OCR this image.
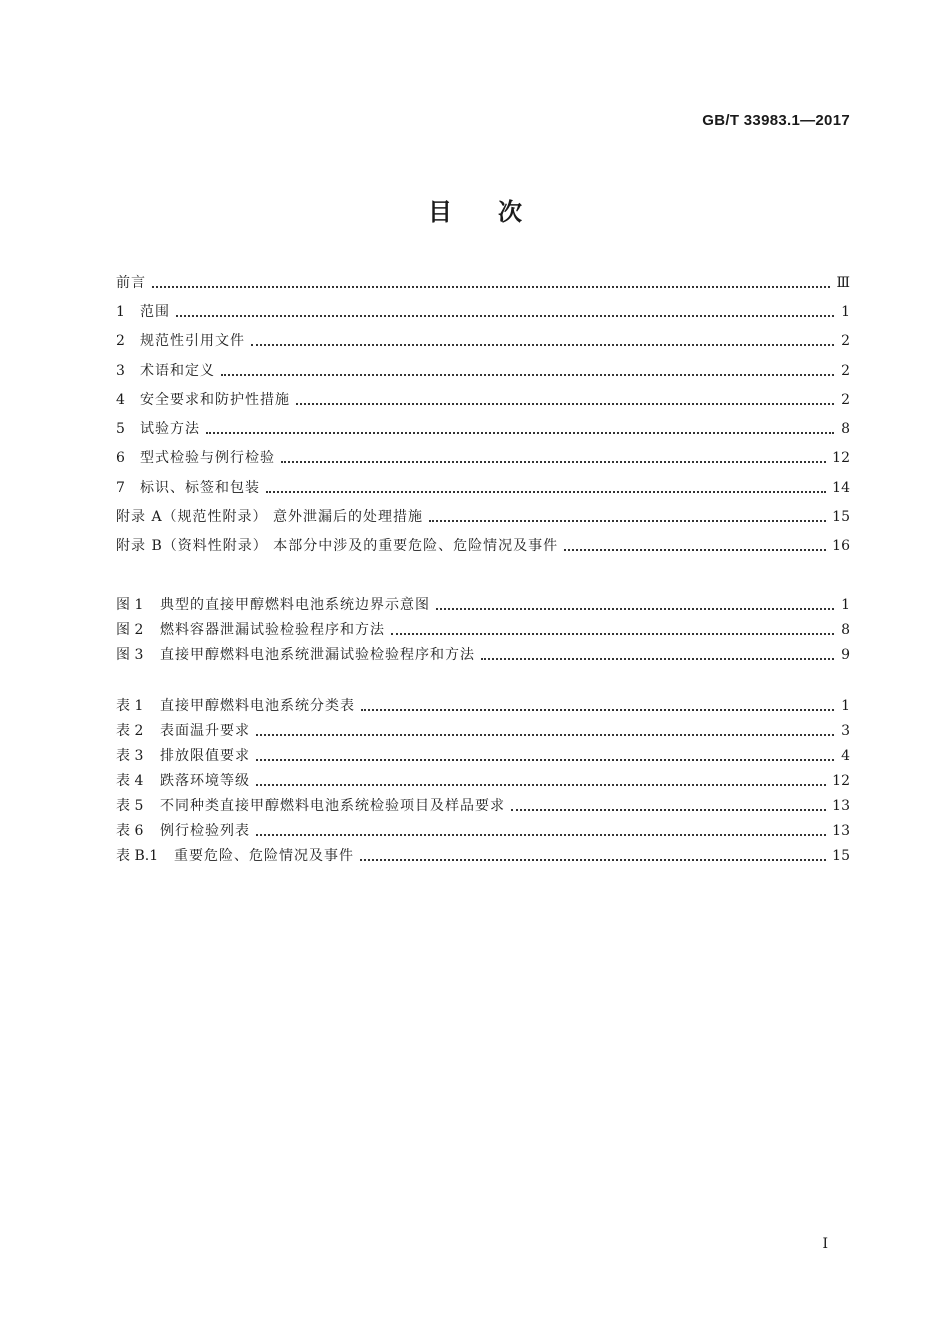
GB/T 33983.1—2017
目次
前言	Ⅲ
1	范围	1
2	规范性引用文件	2
3	术语和定义	2
4	安全要求和防护性措施	2
5	试验方法	8
6	型式检验与例行检验	12
7	标识、标签和包装	14
附录 A（规范性附录） 意外泄漏后的处理措施	15
附录 B（资料性附录） 本部分中涉及的重要危险、危险情况及事件	16
图 1	典型的直接甲醇燃料电池系统边界示意图	1
图 2	燃料容器泄漏试验检验程序和方法	8
图 3	直接甲醇燃料电池系统泄漏试验检验程序和方法	9
表 1	直接甲醇燃料电池系统分类表	1
表 2	表面温升要求	3
表 3	排放限值要求	4
表 4	跌落环境等级	12
表 5	不同种类直接甲醇燃料电池系统检验项目及样品要求	13
表 6	例行检验列表	13
表 B.1	重要危险、危险情况及事件	15
I
